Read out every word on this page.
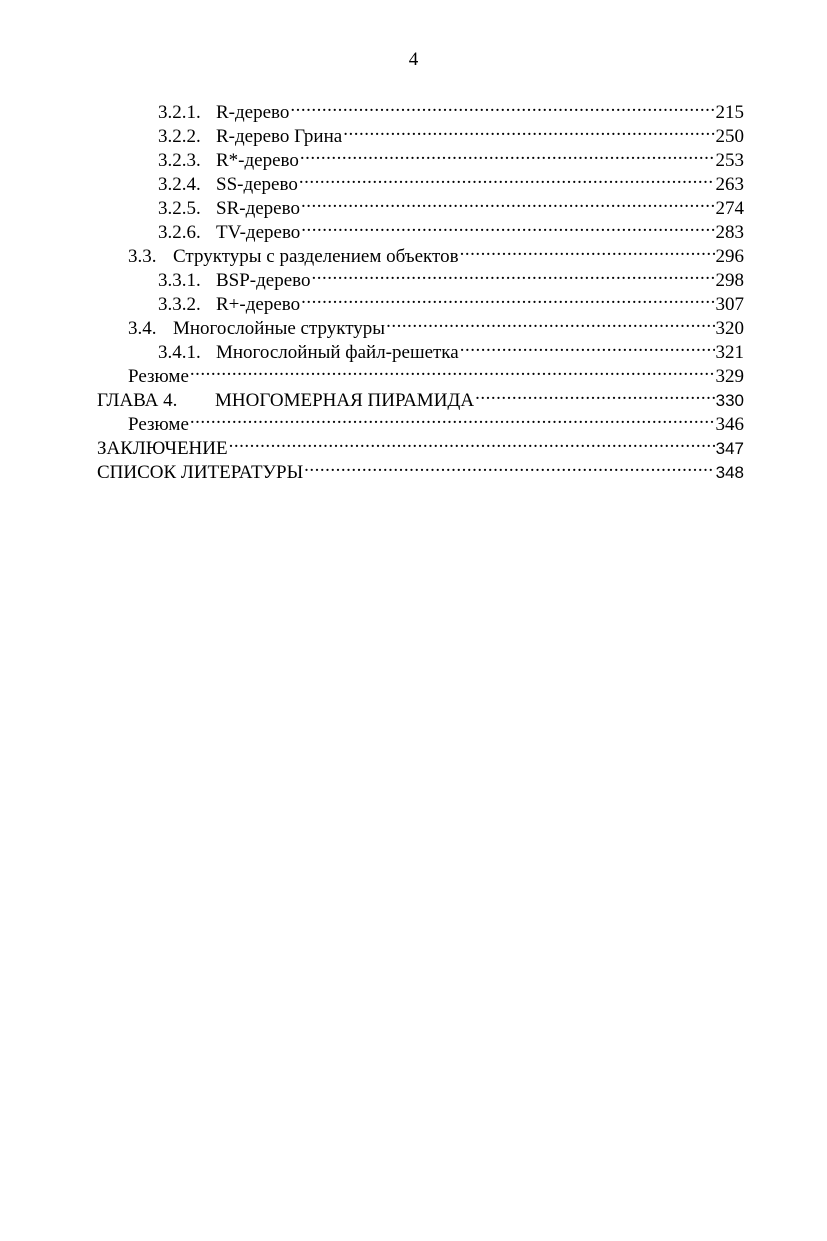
4
3.2.1. R-дерево .....	215
3.2.2. R-дерево Грина .....	250
3.2.3. R*-дерево .....	253
3.2.4. SS-дерево .....	263
3.2.5. SR-дерево .....	274
3.2.6. TV-дерево .....	283
3.3. Структуры с разделением объектов .....	296
3.3.1. BSP-дерево .....	298
3.3.2. R+-дерево .....	307
3.4. Многослойные структуры .....	320
3.4.1. Многослойный файл-решетка .....	321
Резюме .....	329
ГЛАВА 4.	МНОГОМЕРНАЯ ПИРАМИДА .....	330
Резюме .....	346
ЗАКЛЮЧЕНИЕ .....	347
СПИСОК ЛИТЕРАТУРЫ .....	348
